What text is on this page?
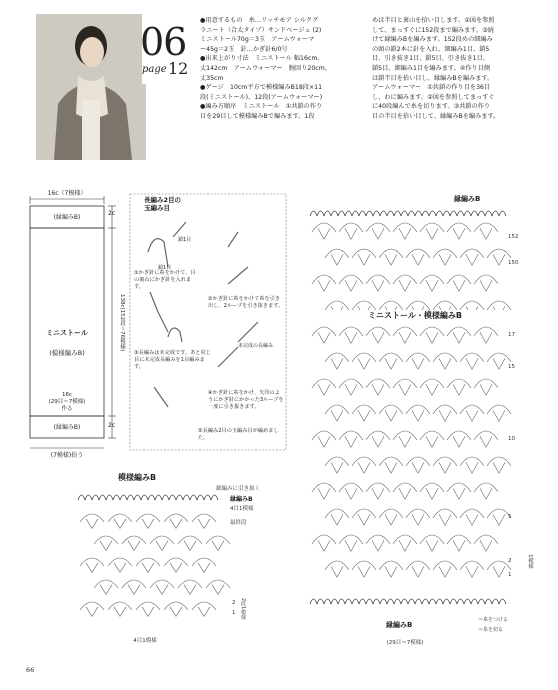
06
page 12
●用意するもの　糸…リッチモア シルクグ
ラニート（合太タイプ）サンドベージュ (2)
ミニストール70g＝3玉　アームウォーマ
ー45g＝2玉　針…かぎ針6/0号
●出来上がり寸法　ミニストール 幅16cm、
丈142cm　アームウォーマー　腕回り20cm、
丈35cm
●ゲージ　10cm平方で模様編みB18段×11
段(ミニストール)、12段(アームウォーマー)
●編み方順序　ミニストール　①共鎖の作り
目を29目して模様編みBで編みます。1段
めは半目と裏山を拾い目します。②図を参照
して、まっすぐに152段まで編みます。③続
けて縁編みBを編みます。152段めの細編み
の頭の鎖2本に針を入れ、細編み1目、鎖5
目、引き抜き1目、鎖5目、引き抜き1目、
鎖5目、細編み1目を編みます。④作り目側
は鎖半目を拾い目し、縁編みBを編みます。
アームウォーマー　①共鎖の作り目を36目
し、わに編みます。②図を参照してまっすぐ
に40段編んで糸を切ります。③共鎖の作り
目の半目を拾い目して、縁編みBを編みます。
16c（7模様）
2c
(縁編みB)
ミニストール
(模様編みB)
138c(152段＝76模様)
16c
(29目＝7模様)
作る
(縁編みB)	2c
(7模様)拾う
長編み2目の
玉編み目
鎖1目
鎖1目
①かぎ針に糸をかけて、目の裏山にかぎ針を入れます。
②かぎ針に糸をかけて糸を引き出し、2ループを引き抜きます。
未完成の長編み
③長編みは未完成です。あと同じ目に未完成長編みを1目編みます。
④かぎ針に糸をかけ、矢印のようにかぎ針にかかった3ループを一度に引き抜きます。
⑤長編み2目の玉編み目が編めました。
縁編みB
ミニストール・模様編みB
縁編みB
(29目＝7模様)
152
150
17
15
10
5
2
1
1模様
＝糸をつける
＝糸を切る
模様編みB
細編みに引き抜く
縁編みB
4目1模様
最終段
2
1 2段1模様
4目1模様
66
